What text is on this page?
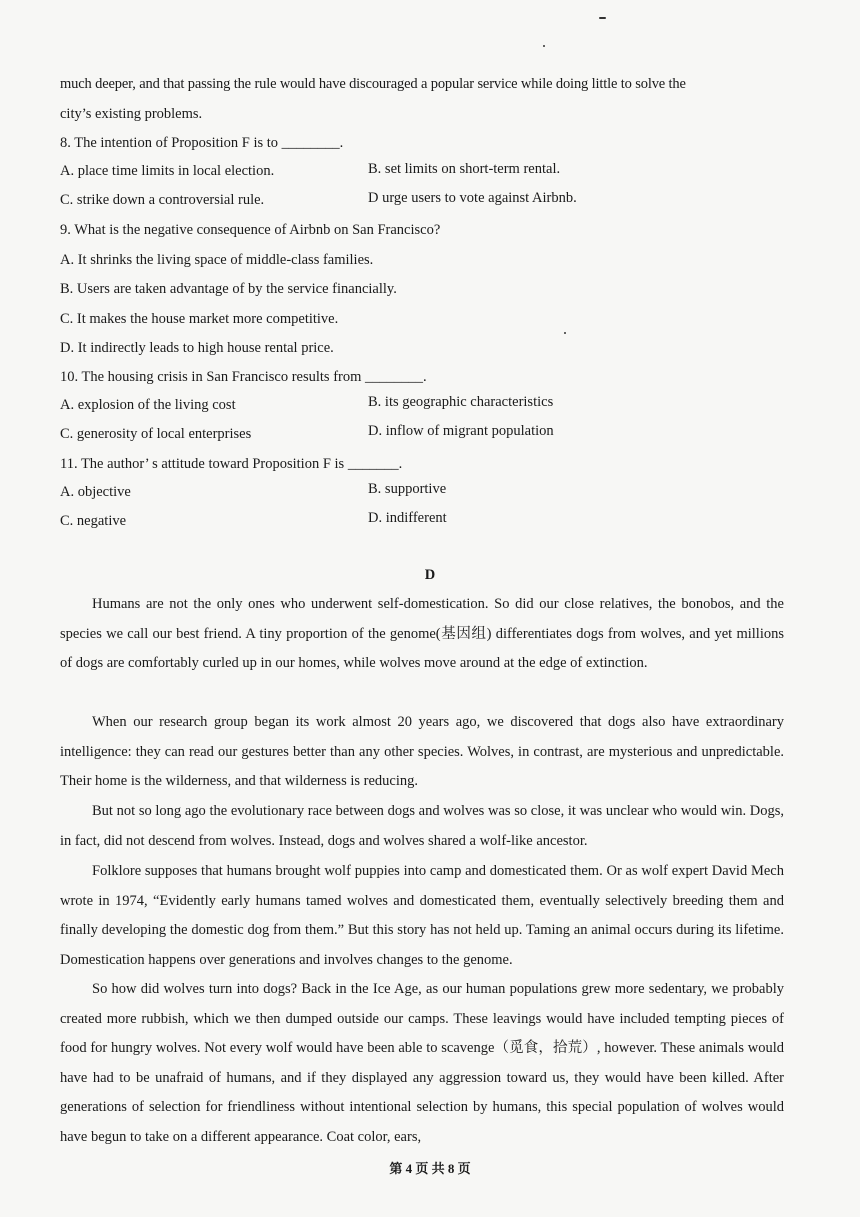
much deeper, and that passing the rule would have discouraged a popular service while doing little to solve the
city’s existing problems.
8. The intention of Proposition F is to ________.
A. place time limits in local election.	B. set limits on short-term rental.
C. strike down a controversial rule.	D urge users to vote against Airbnb.
9. What is the negative consequence of Airbnb on San Francisco?
A. It shrinks the living space of middle-class families.
B. Users are taken advantage of by the service financially.
C. It makes the house market more competitive.
D. It indirectly leads to high house rental price.
10. The housing crisis in San Francisco results from ________.
A. explosion of the living cost	B. its geographic characteristics
C. generosity of local enterprises	D. inflow of migrant population
11. The author’ s attitude toward Proposition F is _______.
A. objective	B. supportive
C. negative	D. indifferent
D
Humans are not the only ones who underwent self-domestication. So did our close relatives, the bonobos, and the species we call our best friend. A tiny proportion of the genome(基因组) differentiates dogs from wolves, and yet millions of dogs are comfortably curled up in our homes, while wolves move around at the edge of extinction.
When our research group began its work almost 20 years ago, we discovered that dogs also have extraordinary intelligence: they can read our gestures better than any other species. Wolves, in contrast, are mysterious and unpredictable. Their home is the wilderness, and that wilderness is reducing.
But not so long ago the evolutionary race between dogs and wolves was so close, it was unclear who would win. Dogs, in fact, did not descend from wolves. Instead, dogs and wolves shared a wolf-like ancestor.
Folklore supposes that humans brought wolf puppies into camp and domesticated them. Or as wolf expert David Mech wrote in 1974, “Evidently early humans tamed wolves and domesticated them, eventually selectively breeding them and finally developing the domestic dog from them.” But this story has not held up. Taming an animal occurs during its lifetime. Domestication happens over generations and involves changes to the genome.
So how did wolves turn into dogs? Back in the Ice Age, as our human populations grew more sedentary, we probably created more rubbish, which we then dumped outside our camps. These leavings would have included tempting pieces of food for hungry wolves. Not every wolf would have been able to scavenge（觅食，拾荒）, however. These animals would have had to be unafraid of humans, and if they displayed any aggression toward us, they would have been killed. After generations of selection for friendliness without intentional selection by humans, this special population of wolves would have begun to take on a different appearance. Coat color, ears,
第 4 页 共 8 页
